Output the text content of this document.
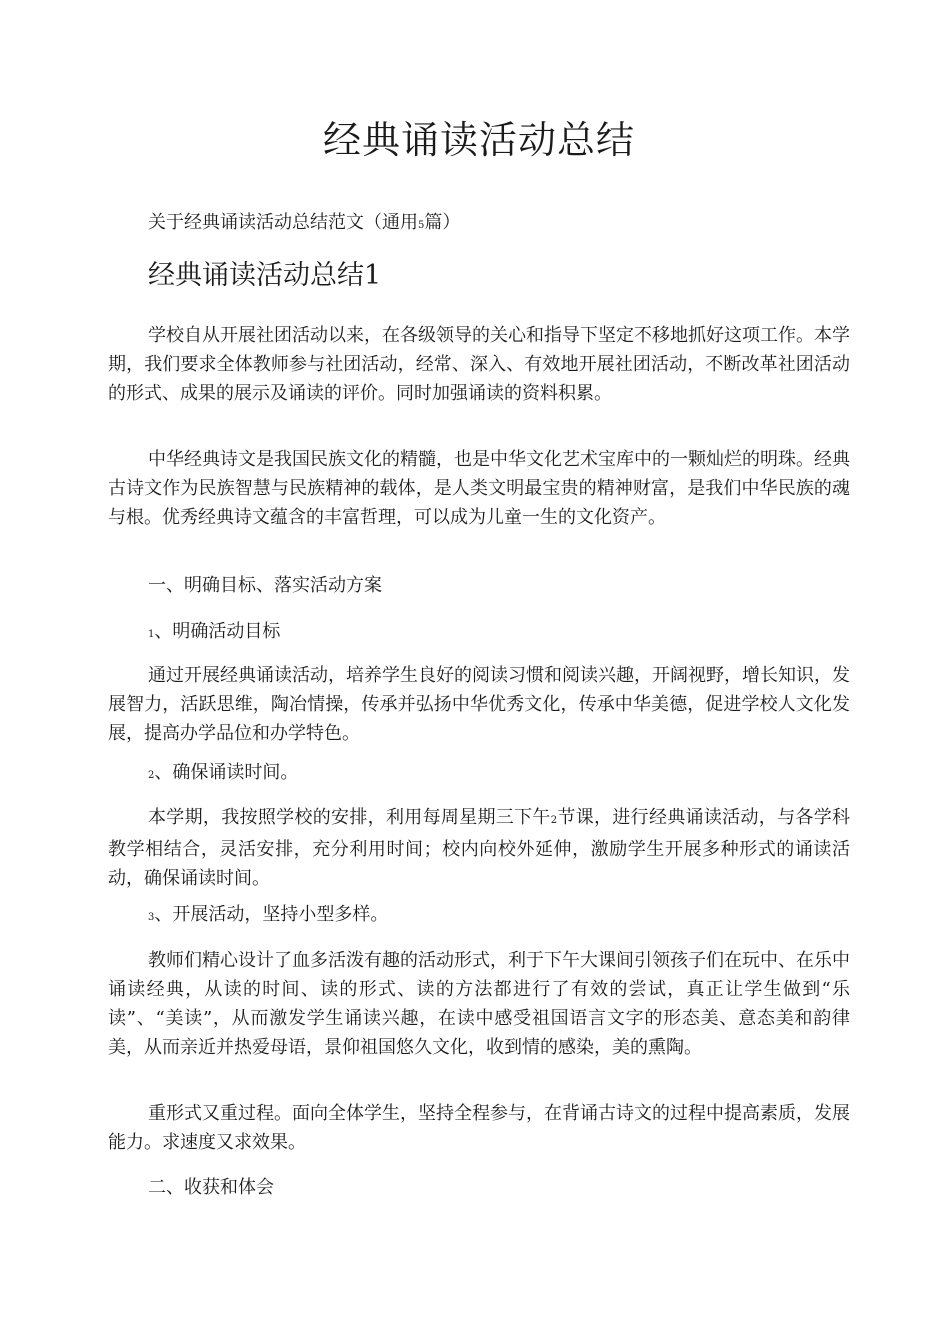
经典诵读活动总结

关于经典诵读活动总结范文（通用5篇）

经典诵读活动总结1

学校自从开展社团活动以来，在各级领导的关心和指导下坚定不移地抓好这项工作。本学期，我们要求全体教师参与社团活动，经常、深入、有效地开展社团活动，不断改革社团活动的形式、成果的展示及诵读的评价。同时加强诵读的资料积累。

中华经典诗文是我国民族文化的精髓，也是中华文化艺术宝库中的一颗灿烂的明珠。经典古诗文作为民族智慧与民族精神的载体，是人类文明最宝贵的精神财富，是我们中华民族的魂与根。优秀经典诗文蕴含的丰富哲理，可以成为儿童一生的文化资产。

一、明确目标、落实活动方案

1、明确活动目标

通过开展经典诵读活动，培养学生良好的阅读习惯和阅读兴趣，开阔视野，增长知识，发展智力，活跃思维，陶冶情操，传承并弘扬中华优秀文化，传承中华美德，促进学校人文化发展，提高办学品位和办学特色。

2、确保诵读时间。

本学期，我按照学校的安排，利用每周星期三下午2节课，进行经典诵读活动，与各学科教学相结合，灵活安排，充分利用时间；校内向校外延伸，激励学生开展多种形式的诵读活动，确保诵读时间。

3、开展活动，坚持小型多样。

教师们精心设计了血多活泼有趣的活动形式，利于下午大课间引领孩子们在玩中、在乐中诵读经典，从读的时间、读的形式、读的方法都进行了有效的尝试，真正让学生做到“乐读”、“美读”，从而激发学生诵读兴趣，在读中感受祖国语言文字的形态美、意态美和韵律美，从而亲近并热爱母语，景仰祖国悠久文化，收到情的感染，美的熏陶。

重形式又重过程。面向全体学生，坚持全程参与，在背诵古诗文的过程中提高素质，发展能力。求速度又求效果。

二、收获和体会
